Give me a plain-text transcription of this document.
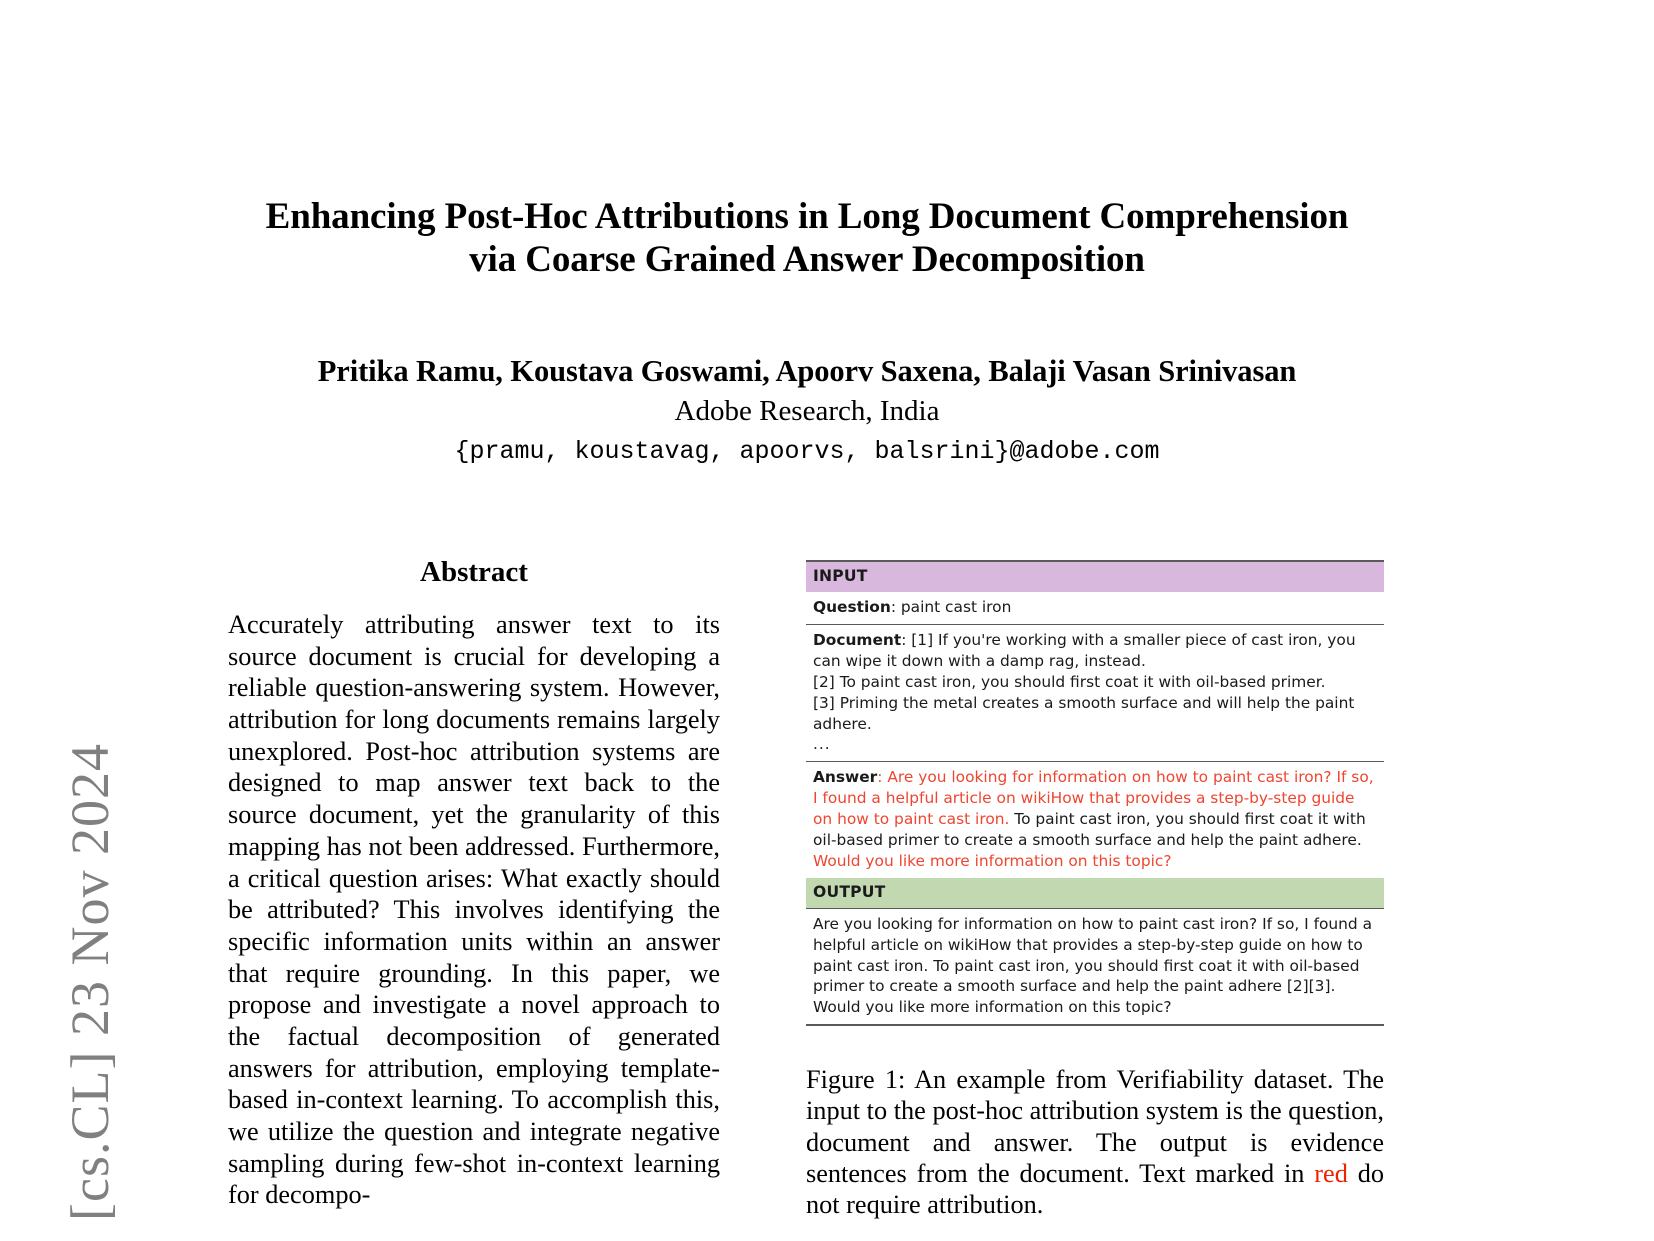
[cs.CL] 23 Nov 2024
Enhancing Post-Hoc Attributions in Long Document Comprehension
via Coarse Grained Answer Decomposition
Pritika Ramu, Koustava Goswami, Apoorv Saxena, Balaji Vasan Srinivasan
Adobe Research, India
{pramu, koustavag, apoorvs, balsrini}@adobe.com
Abstract
Accurately attributing answer text to its source document is crucial for developing a reliable question-answering system. However, attribution for long documents remains largely unexplored. Post-hoc attribution systems are designed to map answer text back to the source document, yet the granularity of this mapping has not been addressed. Furthermore, a critical question arises: What exactly should be attributed? This involves identifying the specific information units within an answer that require grounding. In this paper, we propose and investigate a novel approach to the factual decomposition of generated answers for attribution, employing template-based in-context learning. To accomplish this, we utilize the question and integrate negative sampling during few-shot in-context learning for decompo-
INPUT
Question: paint cast iron
Document: [1] If you're working with a smaller piece of cast iron, you can wipe it down with a damp rag, instead.
[2] To paint cast iron, you should first coat it with oil-based primer.
[3] Priming the metal creates a smooth surface and will help the paint adhere.
...
Answer: Are you looking for information on how to paint cast iron? If so, I found a helpful article on wikiHow that provides a step-by-step guide on how to paint cast iron. To paint cast iron, you should first coat it with oil-based primer to create a smooth surface and help the paint adhere. Would you like more information on this topic?
OUTPUT
Are you looking for information on how to paint cast iron? If so, I found a helpful article on wikiHow that provides a step-by-step guide on how to paint cast iron. To paint cast iron, you should first coat it with oil-based primer to create a smooth surface and help the paint adhere [2][3]. Would you like more information on this topic?
Figure 1: An example from Verifiability dataset. The input to the post-hoc attribution system is the question, document and answer. The output is evidence sentences from the document. Text marked in red do not require attribution.
